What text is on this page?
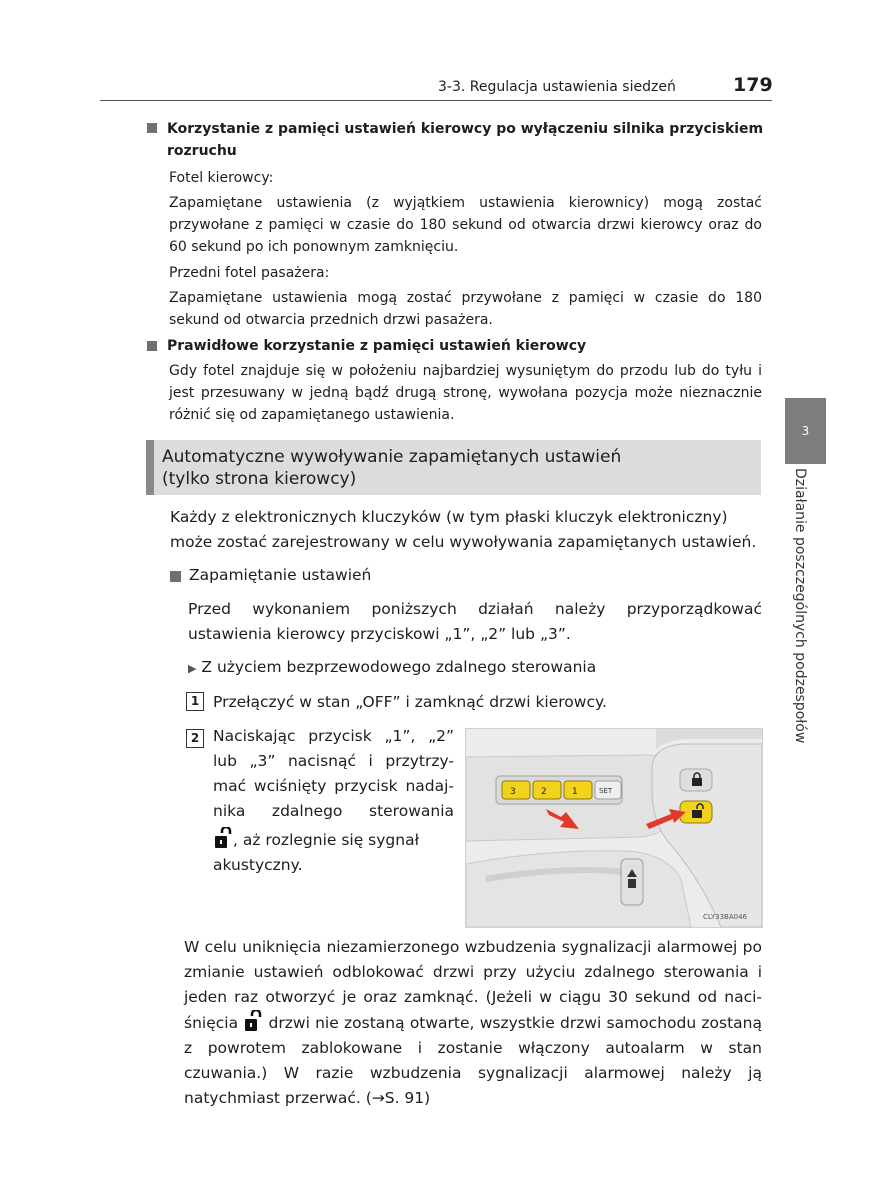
3-3. Regulacja ustawienia siedzeń	179
3
Działanie poszczególnych podzespołów
Korzystanie z pamięci ustawień kierowcy po wyłączeniu silnika przyciskiem
rozruchu
Fotel kierowcy:
Zapamiętane ustawienia (z wyjątkiem ustawienia kierownicy) mogą zostać przywołane z pamięci w czasie do 180 sekund od otwarcia drzwi kierowcy oraz do 60 sekund po ich ponownym zamknięciu.
Przedni fotel pasażera:
Zapamiętane ustawienia mogą zostać przywołane z pamięci w czasie do 180 sekund od otwarcia przednich drzwi pasażera.
Prawidłowe korzystanie z pamięci ustawień kierowcy
Gdy fotel znajduje się w położeniu najbardziej wysuniętym do przodu lub do tyłu i jest przesuwany w jedną bądź drugą stronę, wywołana pozycja może nieznacznie różnić się od zapamiętanego ustawienia.
Automatyczne wywoływanie zapamiętanych ustawień
(tylko strona kierowcy)
Każdy z elektronicznych kluczyków (w tym płaski kluczyk elektroniczny) może zostać zarejestrowany w celu wywoływania zapamiętanych ustawień.
Zapamiętanie ustawień
Przed wykonaniem poniższych działań należy przyporządkować ustawienia kierowcy przyciskowi „1”, „2” lub „3”.
▶ Z użyciem bezprzewodowego zdalnego sterowania
1 Przełączyć w stan „OFF” i zamknąć drzwi kierowcy.
2 Naciskając przycisk „1”, „2”
lub „3” nacisnąć i przytrzy-
mać wciśnięty przycisk nadaj-
nika zdalnego sterowania
, aż rozlegnie się sygnał
akustyczny.
3	2	1	SET
CLY33BA046
W celu uniknięcia niezamierzonego wzbudzenia sygnalizacji alarmowej po zmianie ustawień odblokować drzwi przy użyciu zdalnego sterowania i jeden raz otworzyć je oraz zamknąć. (Jeżeli w ciągu 30 sekund od naci- śnięcia drzwi nie zostaną otwarte, wszystkie drzwi samochodu zostaną z powrotem zablokowane i zostanie włączony autoalarm w stan czuwania.) W razie wzbudzenia sygnalizacji alarmowej należy ją natychmiast przerwać. (→S. 91)
